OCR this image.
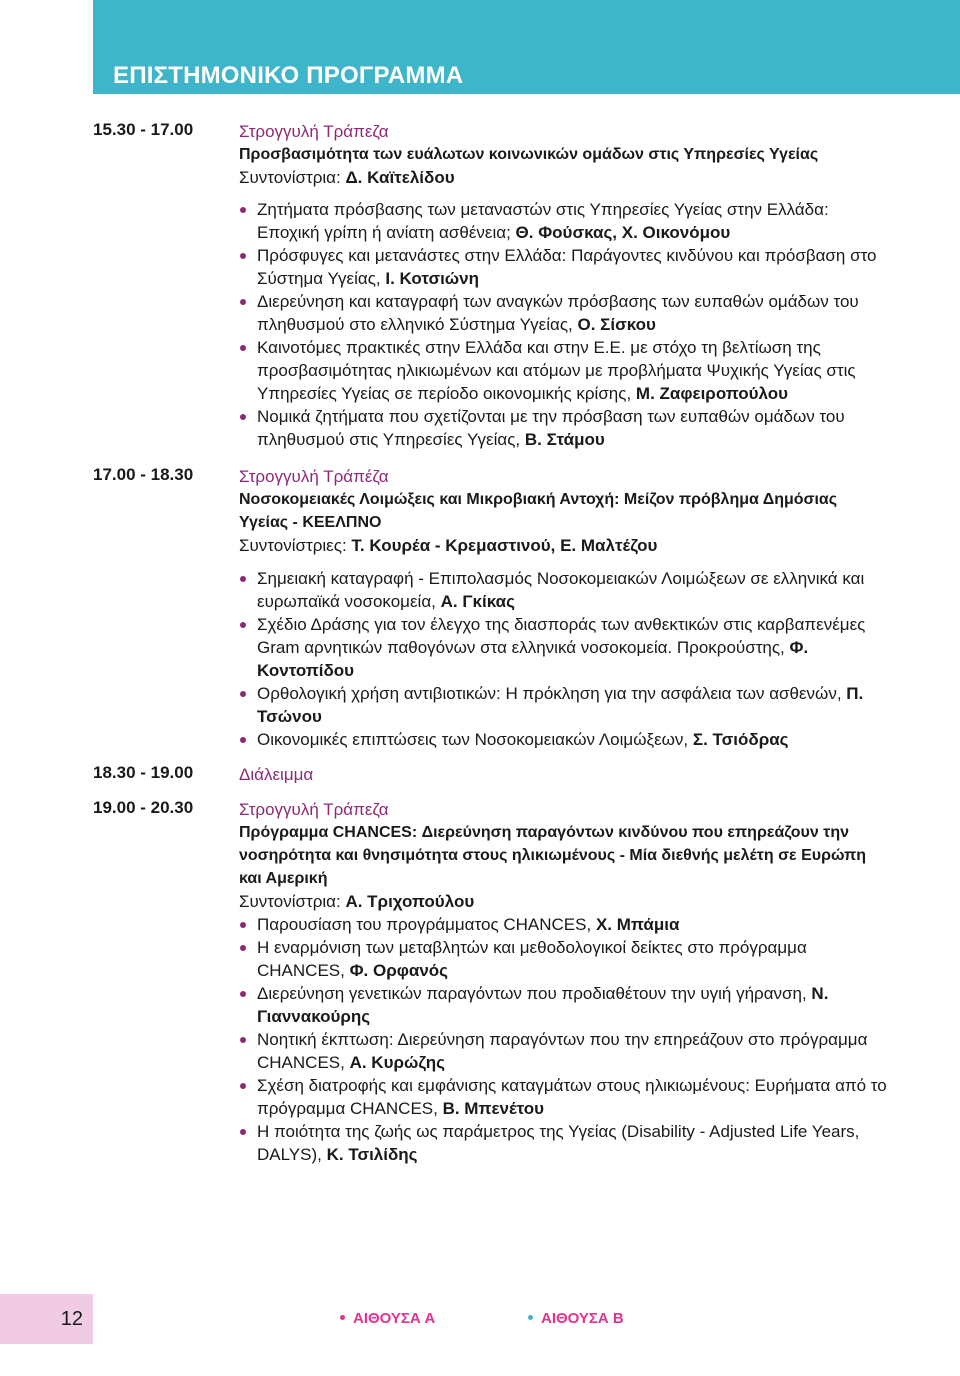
ΕΠΙΣΤΗΜΟΝΙΚΟ ΠΡΟΓΡΑΜΜΑ
15.30 - 17.00	Στρογγυλή Τράπεζα
Προσβασιμότητα των ευάλωτων κοινωνικών ομάδων στις Υπηρεσίες Υγείας
Συντονίστρια: Δ. Καϊτελίδου
Ζητήματα πρόσβασης των μεταναστών στις Υπηρεσίες Υγείας στην Ελλάδα: Εποχική γρίπη ή ανίατη ασθένεια; Θ. Φούσκας, Χ. Οικονόμου
Πρόσφυγες και μετανάστες στην Ελλάδα: Παράγοντες κινδύνου και πρόσβαση στο Σύστημα Υγείας, Ι. Κοτσιώνη
Διερεύνηση και καταγραφή των αναγκών πρόσβασης των ευπαθών ομάδων του πληθυσμού στο ελληνικό Σύστημα Υγείας, Ο. Σίσκου
Καινοτόμες πρακτικές στην Ελλάδα και στην Ε.Ε. με στόχο τη βελτίωση της προσβασιμότητας ηλικιωμένων και ατόμων με προβλήματα Ψυχικής Υγείας στις Υπηρεσίες Υγείας σε περίοδο οικονομικής κρίσης, Μ. Ζαφειροπούλου
Νομικά ζητήματα που σχετίζονται με την πρόσβαση των ευπαθών ομάδων του πληθυσμού στις Υπηρεσίες Υγείας, Β. Στάμου
17.00 - 18.30	Στρογγυλή Τράπέζα
Νοσοκομειακές Λοιμώξεις και Μικροβιακή Αντοχή: Μείζον πρόβλημα Δημόσιας
Υγείας - ΚΕΕΛΠΝΟ
Συντονίστριες: Τ. Κουρέα - Κρεμαστινού, Ε. Μαλτέζου
Σημειακή καταγραφή - Επιπολασμός Νοσοκομειακών Λοιμώξεων σε ελληνικά και ευρωπαϊκά νοσοκομεία, Α. Γκίκας
Σχέδιο Δράσης για τον έλεγχο της διασποράς των ανθεκτικών στις καρβαπενέμες Gram αρνητικών παθογόνων στα ελληνικά νοσοκομεία. Προκρούστης, Φ. Κοντοπίδου
Ορθολογική χρήση αντιβιοτικών: Η πρόκληση για την ασφάλεια των ασθενών, Π. Τσώνου
Οικονομικές επιπτώσεις των Νοσοκομειακών Λοιμώξεων, Σ. Τσιόδρας
18.30 - 19.00	Διάλειμμα
19.00 - 20.30	Στρογγυλή Τράπεζα
Πρόγραμμα CHANCES: Διερεύνηση παραγόντων κινδύνου που επηρεάζουν την
νοσηρότητα και θνησιμότητα στους ηλικιωμένους - Μία διεθνής μελέτη σε Ευρώπη
και Αμερική
Συντονίστρια: Α. Τριχοπούλου
Παρουσίαση του προγράμματος CHANCES, Χ. Μπάμια
Η εναρμόνιση των μεταβλητών και μεθοδολογικοί δείκτες στο πρόγραμμα CHANCES, Φ. Ορφανός
Διερεύνηση γενετικών παραγόντων που προδιαθέτουν την υγιή γήρανση, Ν. Γιαννακούρης
Νοητική έκπτωση: Διερεύνηση παραγόντων που την επηρεάζουν στο πρόγραμμα CHANCES, Α. Κυρώζης
Σχέση διατροφής και εμφάνισης καταγμάτων στους ηλικιωμένους: Ευρήματα από το πρόγραμμα CHANCES, Β. Μπενέτου
Η ποιότητα της ζωής ως παράμετρος της Υγείας (Disability - Adjusted Life Years, DALYS), Κ. Τσιλίδης
12	ΑΙΘΟΥΣΑ Α	ΑΙΘΟΥΣΑ Β
